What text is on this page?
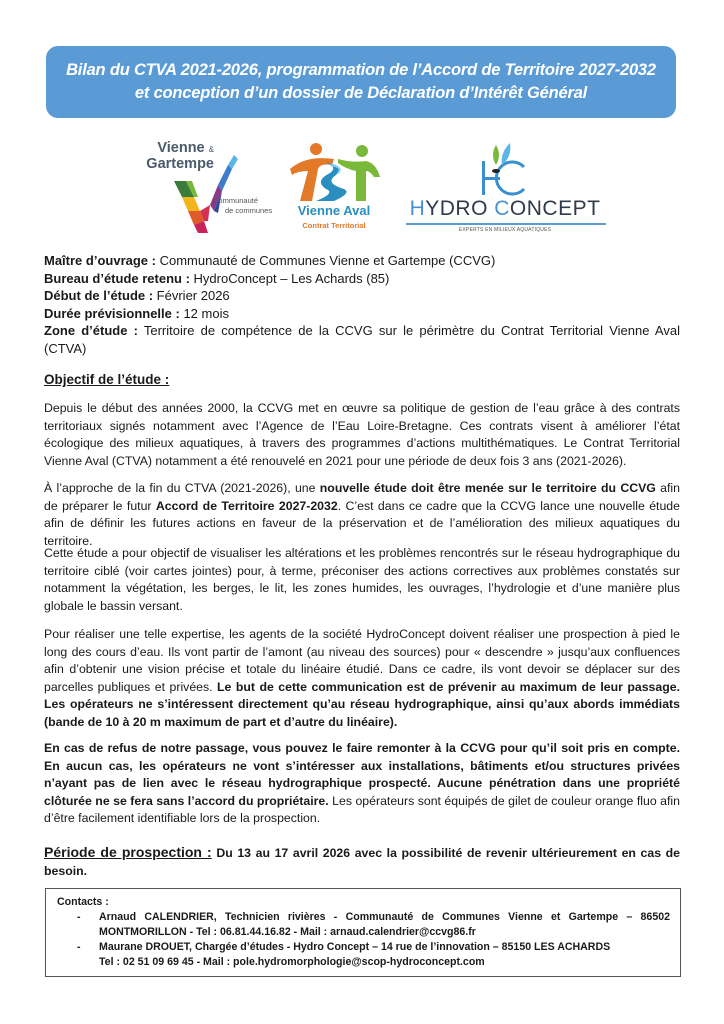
Bilan du CTVA 2021-2026, programmation de l’Accord de Territoire 2027-2032 et conception d’un dossier de Déclaration d’Intérêt Général
Vienne &
Gartempe
Communauté
de communes	Vienne Aval
Contrat Territorial
HYDRO CONCEPT
EXPERTS EN MILIEUX AQUATIQUES
Maître d’ouvrage : Communauté de Communes Vienne et Gartempe (CCVG)
Bureau d’étude retenu : HydroConcept – Les Achards (85)
Début de l’étude : Février 2026
Durée prévisionnelle : 12 mois
Zone d’étude : Territoire de compétence de la CCVG sur le périmètre du Contrat Territorial Vienne Aval (CTVA)
Objectif de l’étude :
Depuis le début des années 2000, la CCVG met en œuvre sa politique de gestion de l’eau grâce à des contrats territoriaux signés notamment avec l’Agence de l’Eau Loire-Bretagne. Ces contrats visent à améliorer l’état écologique des milieux aquatiques, à travers des programmes d’actions multithématiques. Le Contrat Territorial Vienne Aval (CTVA) notamment a été renouvelé en 2021 pour une période de deux fois 3 ans (2021-2026).
À l’approche de la fin du CTVA (2021-2026), une nouvelle étude doit être menée sur le territoire du CCVG afin de préparer le futur Accord de Territoire 2027-2032. C’est dans ce cadre que la CCVG lance une nouvelle étude afin de définir les futures actions en faveur de la préservation et de l’amélioration des milieux aquatiques du territoire.
Cette étude a pour objectif de visualiser les altérations et les problèmes rencontrés sur le réseau hydrographique du territoire ciblé (voir cartes jointes) pour, à terme, préconiser des actions correctives aux problèmes constatés sur notamment la végétation, les berges, le lit, les zones humides, les ouvrages, l’hydrologie et d’une manière plus globale le bassin versant.
Pour réaliser une telle expertise, les agents de la société HydroConcept doivent réaliser une prospection à pied le long des cours d’eau. Ils vont partir de l’amont (au niveau des sources) pour « descendre » jusqu’aux confluences afin d’obtenir une vision précise et totale du linéaire étudié. Dans ce cadre, ils vont devoir se déplacer sur des parcelles publiques et privées. Le but de cette communication est de prévenir au maximum de leur passage. Les opérateurs ne s’intéressent directement qu’au réseau hydrographique, ainsi qu’aux abords immédiats (bande de 10 à 20 m maximum de part et d’autre du linéaire).
En cas de refus de notre passage, vous pouvez le faire remonter à la CCVG pour qu’il soit pris en compte. En aucun cas, les opérateurs ne vont s’intéresser aux installations, bâtiments et/ou structures privées n’ayant pas de lien avec le réseau hydrographique prospecté. Aucune pénétration dans une propriété clôturée ne se fera sans l’accord du propriétaire. Les opérateurs sont équipés de gilet de couleur orange fluo afin d’être facilement identifiable lors de la prospection.
Période de prospection : Du 13 au 17 avril 2026 avec la possibilité de revenir ultérieurement en cas de besoin.
Contacts :
- Arnaud CALENDRIER, Technicien rivières - Communauté de Communes Vienne et Gartempe – 86502 MONTMORILLON - Tel : 06.81.44.16.82 - Mail : arnaud.calendrier@ccvg86.fr
- Maurane DROUET, Chargée d’études - Hydro Concept – 14 rue de l’innovation – 85150 LES ACHARDS
Tel : 02 51 09 69 45 - Mail : pole.hydromorphologie@scop-hydroconcept.com
